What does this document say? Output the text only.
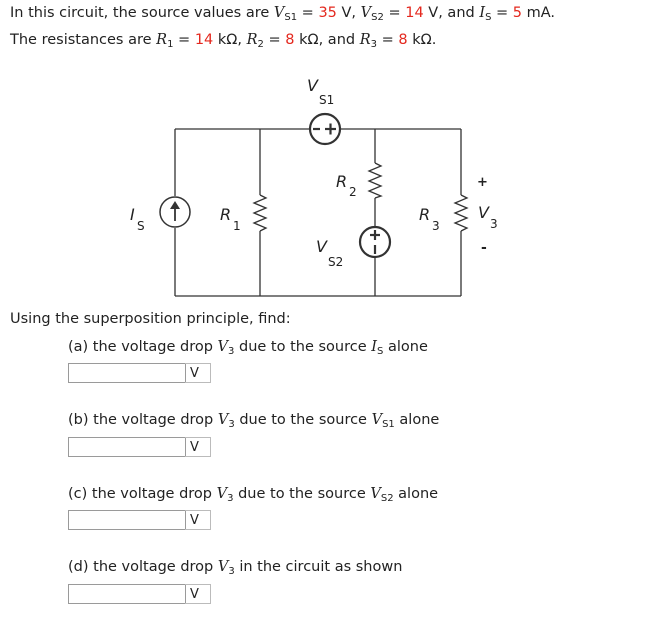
In this circuit, the source values are $V_{S1} = 35$ V, $V_{S2} = 14$ V, and $I_S = 5$ mA.
The resistances are $R_1 = 14$ kΩ, $R_2 = 8$ kΩ, and $R_3 = 8$ kΩ.
V
S1
I
S
R
1
R
2
V
S2
R
3
+
V
3
-
Using the superposition principle, find:
(a) the voltage drop $V_3$ due to the source $I_S$ alone
V
(b) the voltage drop $V_3$ due to the source $V_{S1}$ alone
V
(c) the voltage drop $V_3$ due to the source $V_{S2}$ alone
V
(d) the voltage drop $V_3$ in the circuit as shown
V
